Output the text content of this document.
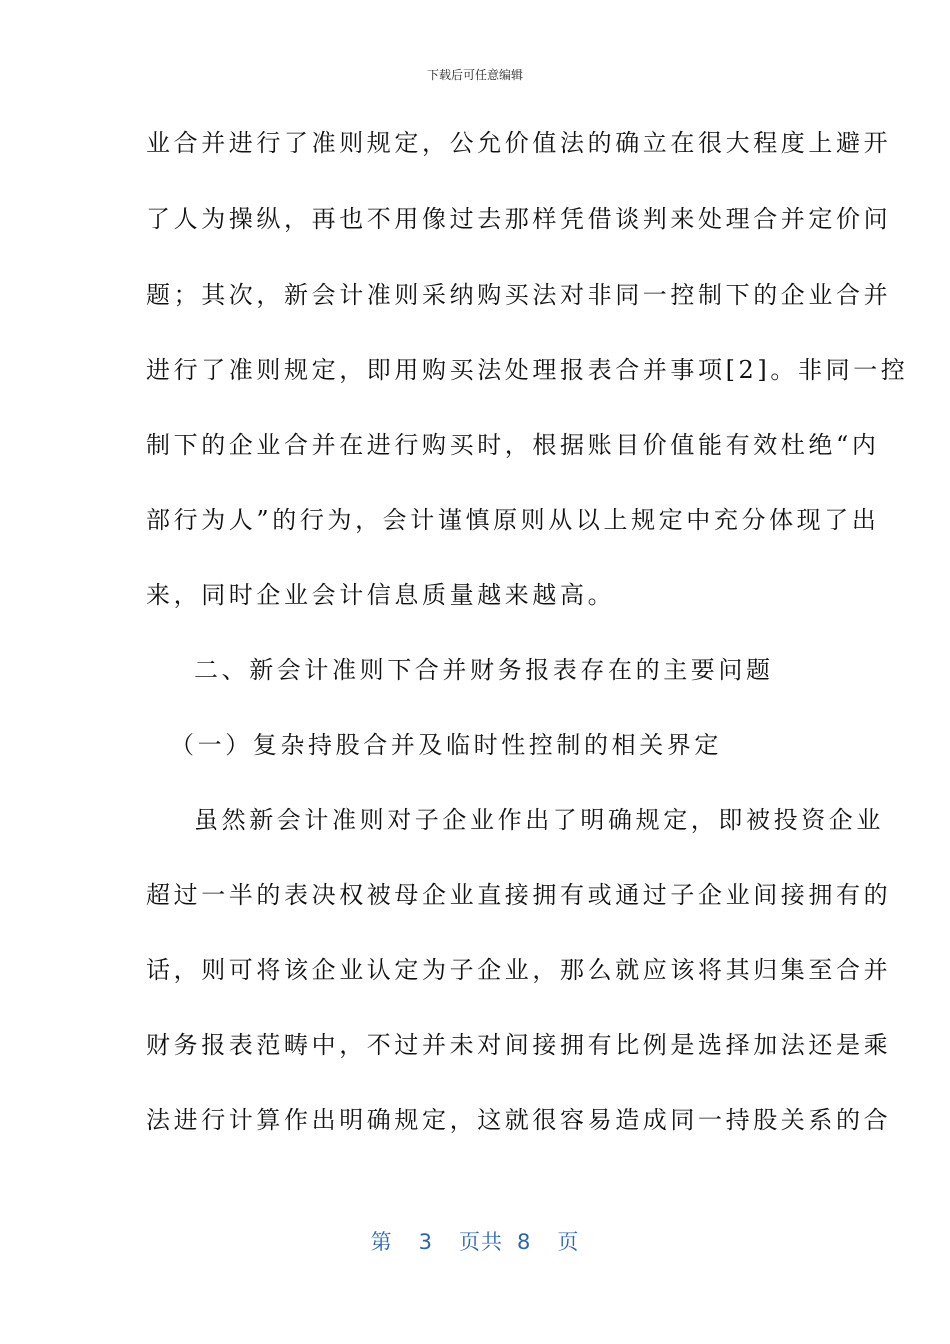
下载后可任意编辑
业合并进行了准则规定，公允价值法的确立在很大程度上避开
了人为操纵，再也不用像过去那样凭借谈判来处理合并定价问
题；其次，新会计准则采纳购买法对非同一控制下的企业合并
进行了准则规定，即用购买法处理报表合并事项[2]。非同一控
制下的企业合并在进行购买时，根据账目价值能有效杜绝“内
部行为人”的行为，会计谨慎原则从以上规定中充分体现了出
来，同时企业会计信息质量越来越高。
二、新会计准则下合并财务报表存在的主要问题
（一）复杂持股合并及临时性控制的相关界定
虽然新会计准则对子企业作出了明确规定，即被投资企业
超过一半的表决权被母企业直接拥有或通过子企业间接拥有的
话，则可将该企业认定为子企业，那么就应该将其归集至合并
财务报表范畴中，不过并未对间接拥有比例是选择加法还是乘
法进行计算作出明确规定，这就很容易造成同一持股关系的合
第 3 页共 8 页
